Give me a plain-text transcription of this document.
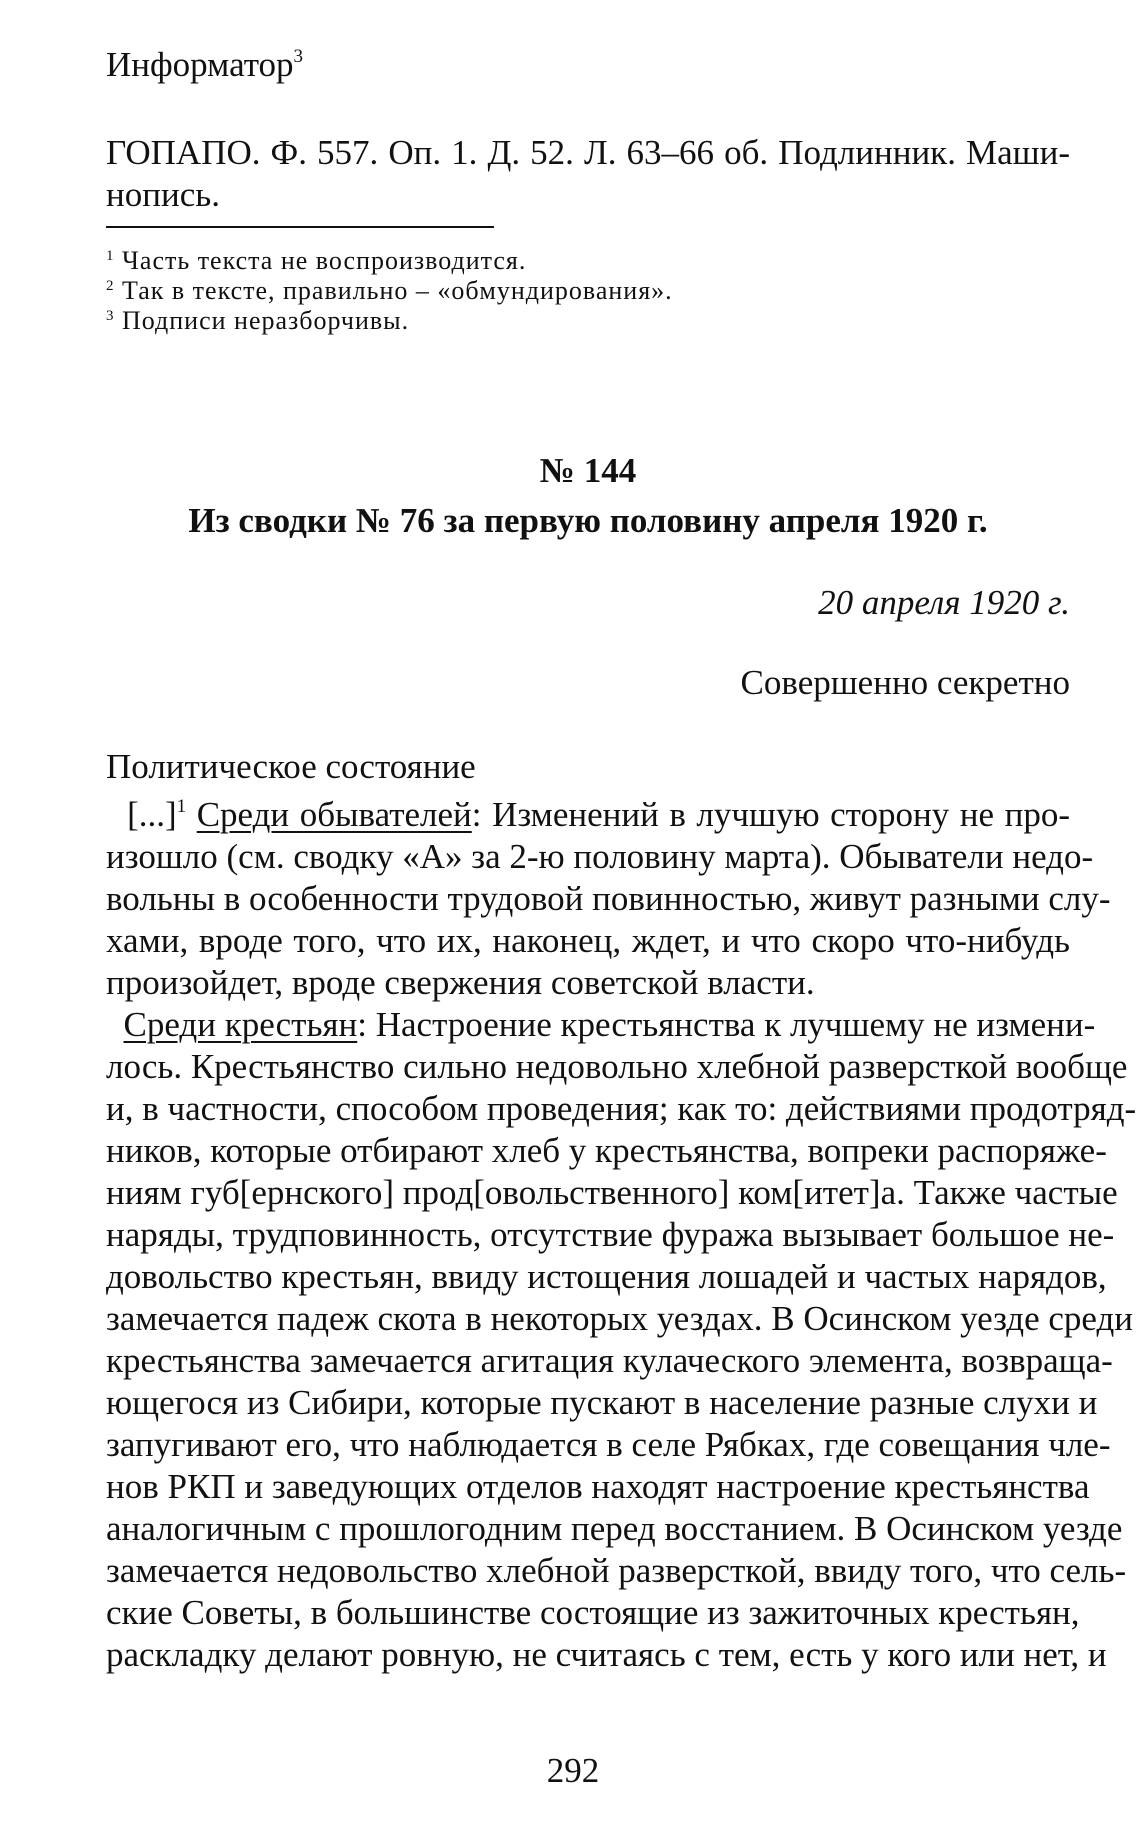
Информатор$^3$
ГОПАПО. Ф. 557. Оп. 1. Д. 52. Л. 63–66 об. Подлинник. Маши-
нопись.
$^1$ Часть текста не воспроизводится.
$^2$ Так в тексте, правильно – «обмундирования».
$^3$ Подписи неразборчивы.
№ 144
Из сводки № 76 за первую половину апреля 1920 г.
20 апреля 1920 г.
Совершенно секретно
Политическое состояние
[...]$^1$ Среди обывателей: Изменений в лучшую сторону не про-
изошло (см. сводку «А» за 2-ю половину марта). Обыватели недо-
вольны в особенности трудовой повинностью, живут разными слу-
хами, вроде того, что их, наконец, ждет, и что скоро что-нибудь
произойдет, вроде свержения советской власти.
Среди крестьян: Настроение крестьянства к лучшему не измени-
лось. Крестьянство сильно недовольно хлебной разверсткой вообще
и, в частности, способом проведения; как то: действиями продотряд-
ников, которые отбирают хлеб у крестьянства, вопреки распоряже-
ниям губ[ернского] прод[овольственного] ком[итет]а. Также частые
наряды, трудповинность, отсутствие фуража вызывает большое не-
довольство крестьян, ввиду истощения лошадей и частых нарядов,
замечается падеж скота в некоторых уездах. В Осинском уезде среди
крестьянства замечается агитация кулаческого элемента, возвраща-
ющегося из Сибири, которые пускают в население разные слухи и
запугивают его, что наблюдается в селе Рябках, где совещания чле-
нов РКП и заведующих отделов находят настроение крестьянства
аналогичным с прошлогодним перед восстанием. В Осинском уезде
замечается недовольство хлебной разверсткой, ввиду того, что сель-
ские Советы, в большинстве состоящие из зажиточных крестьян,
раскладку делают ровную, не считаясь с тем, есть у кого или нет, и
292
